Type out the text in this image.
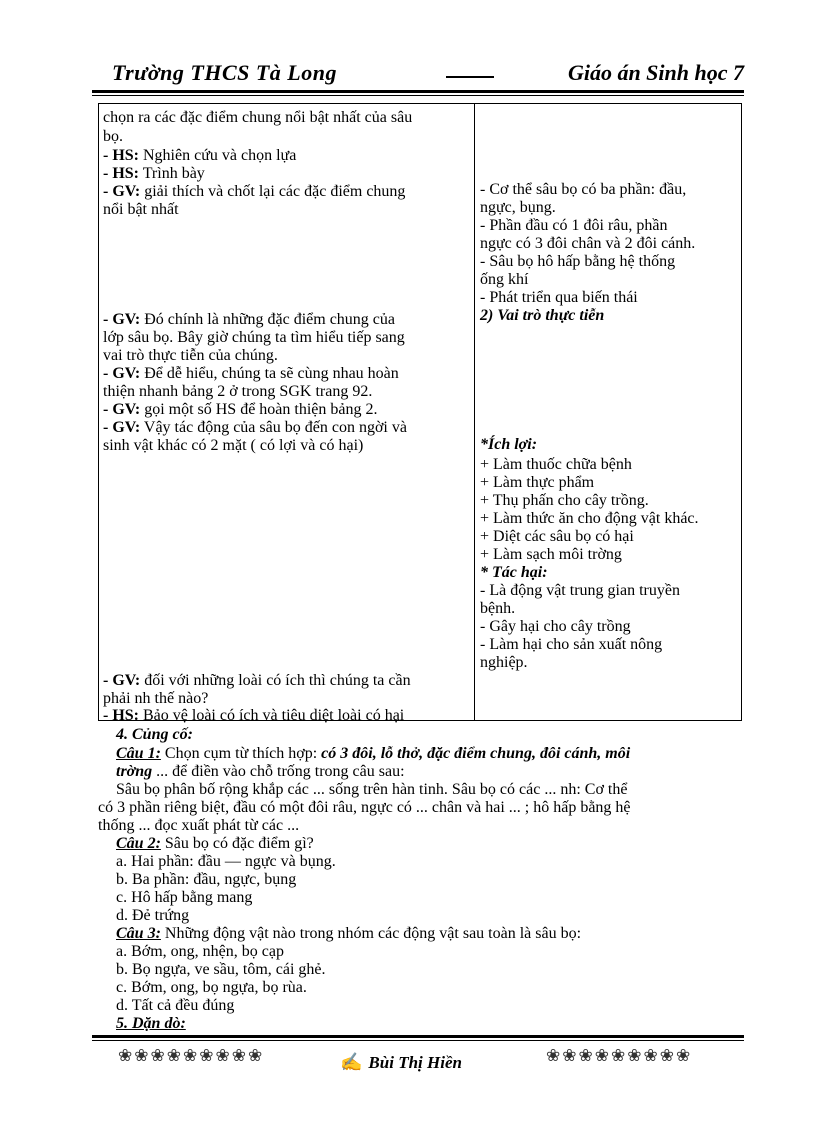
Trường THCS Tà Long	Giáo án Sinh học 7
chọn ra các đặc điểm chung nổi bật nhất của sâu
bọ.
- HS: Nghiên cứu và chọn lựa
- HS: Trình bày
- GV: giải thích và chốt lại các đặc điểm chung
nổi bật nhất
- GV: Đó chính là những đặc điểm chung của
lớp sâu bọ. Bây giờ chúng ta tìm hiểu tiếp sang
vai trò thực tiễn của chúng.
- GV: Để dễ hiểu, chúng ta sẽ cùng nhau hoàn
thiện nhanh bảng 2 ở trong SGK trang 92.
- GV: gọi một số HS để hoàn thiện bảng 2.
- GV: Vậy tác động của sâu bọ đến con ngời và
sinh vật khác có 2 mặt ( có lợi và có hại)
- GV: đối với những loài có ích thì chúng ta cần
phải nh thế nào?
- HS: Bảo vệ loài có ích và tiêu diệt loài có hại
- Cơ thể sâu bọ có ba phần: đầu,
ngực, bụng.
- Phần đầu có 1 đôi râu, phần
ngực có 3 đôi chân và 2 đôi cánh.
- Sâu bọ hô hấp bằng hệ thống
ống khí
- Phát triển qua biến thái
2) Vai trò thực tiễn
*Ích lợi:
+ Làm thuốc chữa bệnh
+ Làm thực phẩm
+ Thụ phấn cho cây trồng.
+ Làm thức ăn cho động vật khác.
+ Diệt các sâu bọ có hại
+ Làm sạch môi trờng
* Tác hại:
- Là động vật trung gian truyền
bệnh.
- Gây hại cho cây trồng
- Làm hại cho sản xuất nông
nghiệp.
4. Củng cố:
Câu 1: Chọn cụm từ thích hợp: có 3 đôi, lỗ thở, đặc điểm chung, đôi cánh, môi
trờng ... để điền vào chỗ trống trong câu sau:
Sâu bọ phân bố rộng khắp các ... sống trên hàn tinh. Sâu bọ có các ... nh: Cơ thể
có 3 phần riêng biệt, đầu có một đôi râu, ngực có ... chân và hai ... ; hô hấp bằng hệ
thống ... đọc xuất phát từ các ...
Câu 2: Sâu bọ có đặc điểm gì?
a. Hai phần: đầu — ngực và bụng.
b. Ba phần: đầu, ngực, bụng
c. Hô hấp bằng mang
d. Đẻ trứng
Câu 3: Những động vật nào trong nhóm các động vật sau toàn là sâu bọ:
a. Bớm, ong, nhện, bọ cạp
b. Bọ ngựa, ve sầu, tôm, cái ghẻ.
c. Bớm, ong, bọ ngựa, bọ rùa.
d. Tất cả đều đúng
5. Dặn dò:
❀❀❀❀❀❀❀❀❀	✍ Bùi Thị Hiền	❀❀❀❀❀❀❀❀❀
